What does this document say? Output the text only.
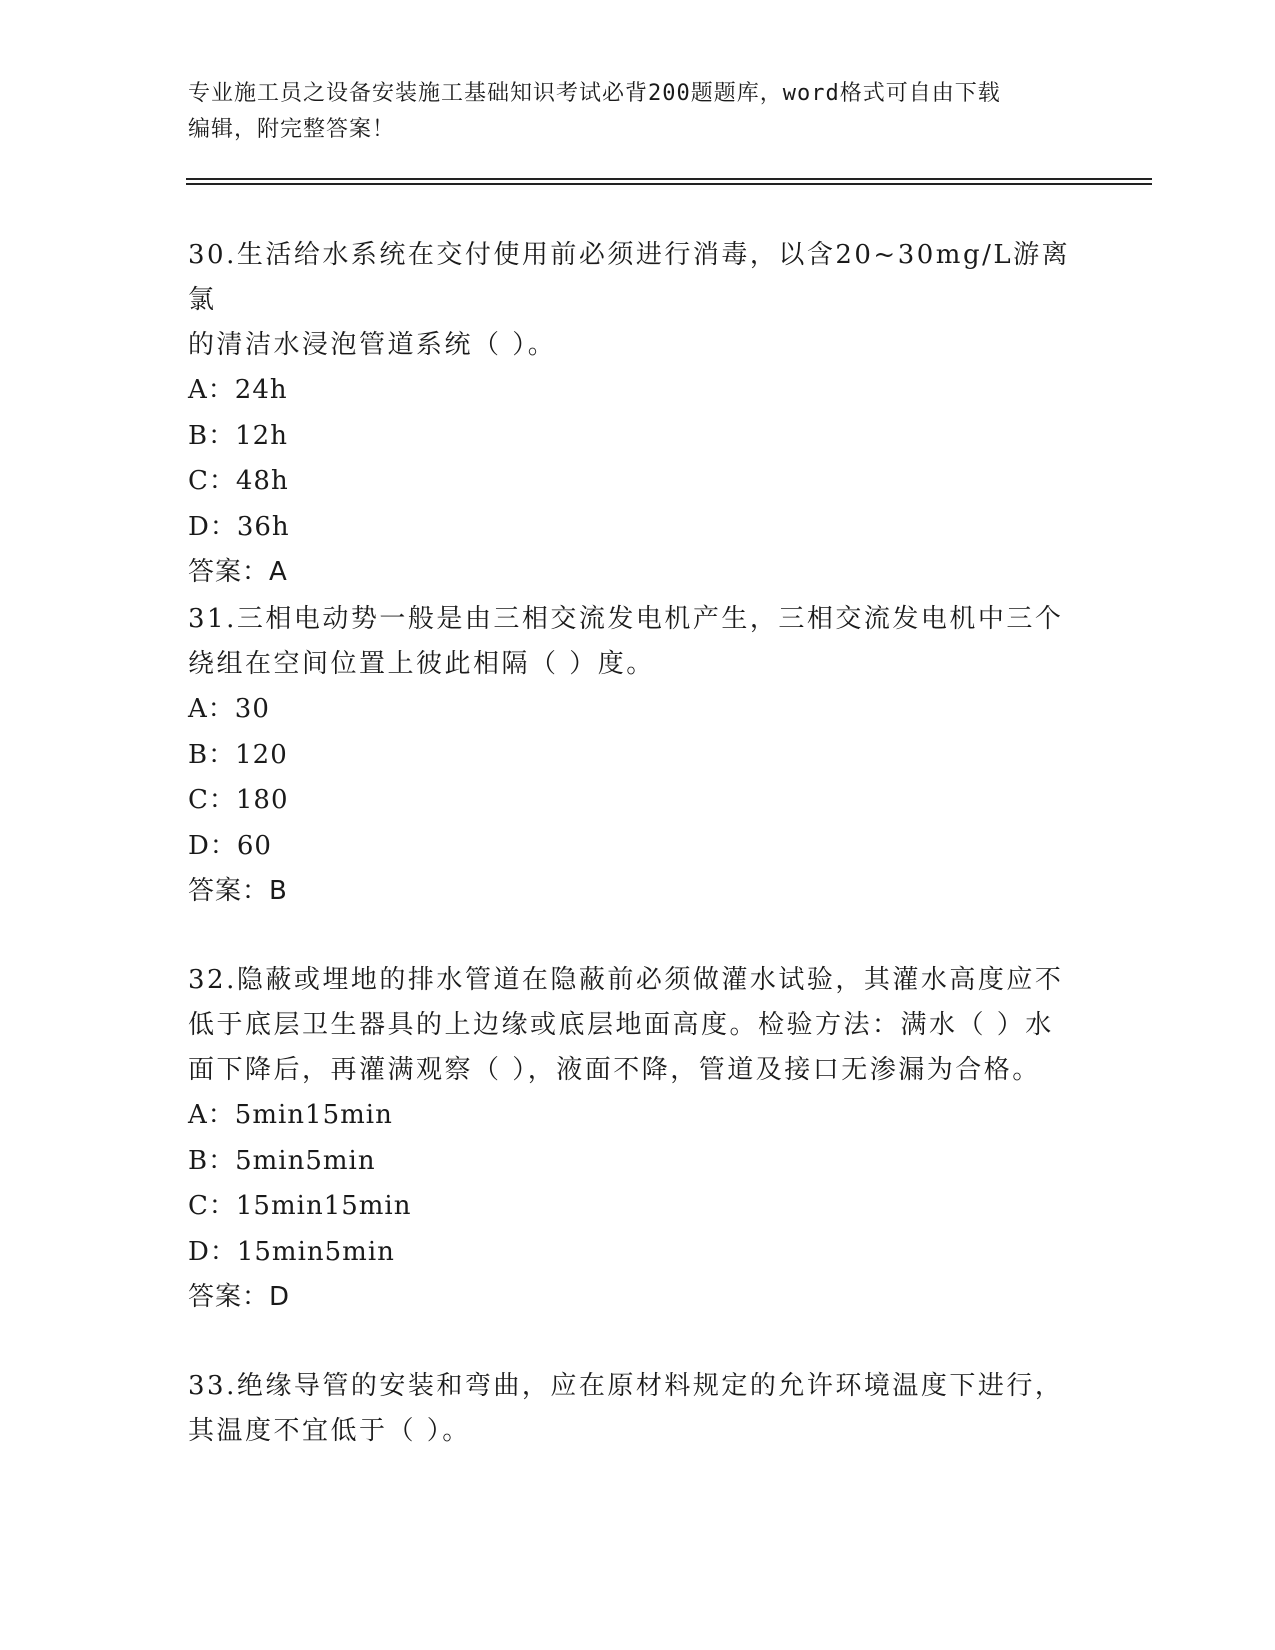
专业施工员之设备安装施工基础知识考试必背200题题库，word格式可自由下载
编辑，附完整答案！

30.生活给水系统在交付使用前必须进行消毒，以含20~30mg/L游离氯

的清洁水浸泡管道系统（ ）。

A：24h

B：12h

C：48h

D：36h

答案：A

31.三相电动势一般是由三相交流发电机产生，三相交流发电机中三个

绕组在空间位置上彼此相隔（ ）度。

A：30

B：120

C：180

D：60

答案：B

32.隐蔽或埋地的排水管道在隐蔽前必须做灌水试验，其灌水高度应不

低于底层卫生器具的上边缘或底层地面高度。检验方法：满水（ ）水

面下降后，再灌满观察（ ），液面不降，管道及接口无渗漏为合格。

A：5min15min

B：5min5min

C：15min15min

D：15min5min

答案：D

33.绝缘导管的安装和弯曲，应在原材料规定的允许环境温度下进行，

其温度不宜低于（ ）。
